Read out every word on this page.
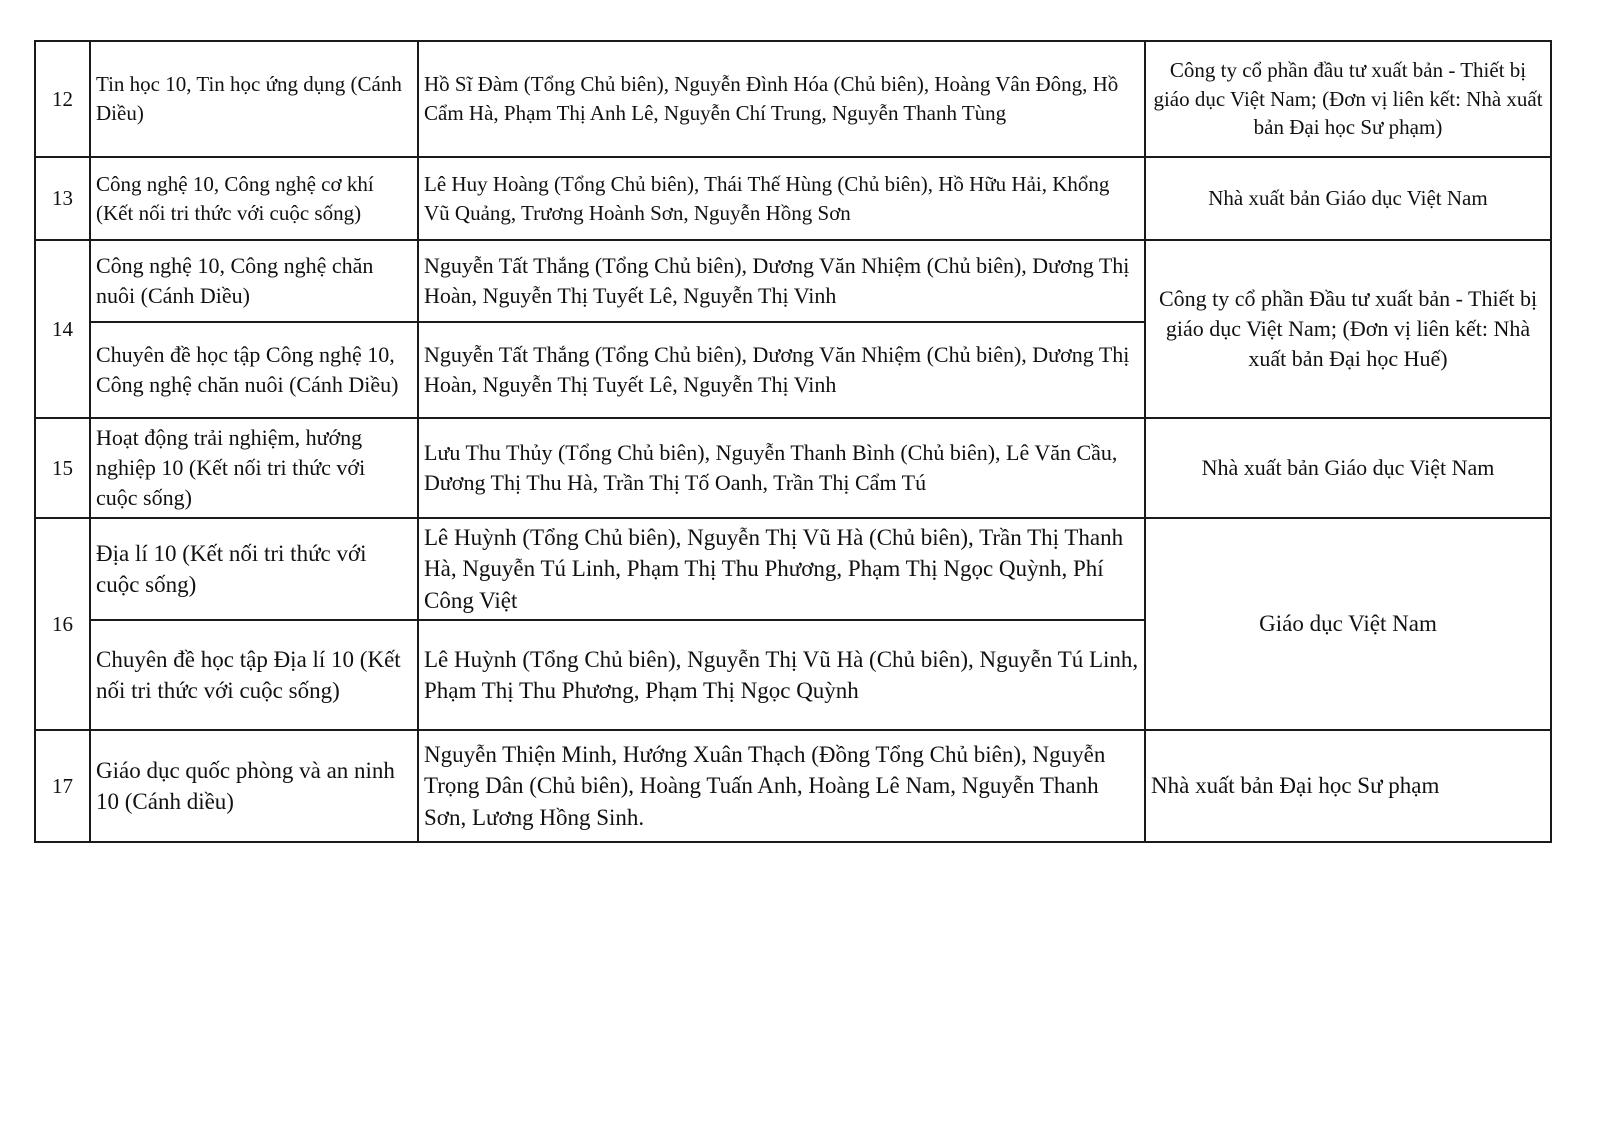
12	Tin học 10, Tin học ứng dụng (Cánh Diều)	Hồ Sĩ Đàm (Tổng Chủ biên), Nguyễn Đình Hóa (Chủ biên), Hoàng Vân Đông, Hồ Cẩm Hà, Phạm Thị Anh Lê, Nguyễn Chí Trung, Nguyễn Thanh Tùng	Công ty cổ phần đầu tư xuất bản - Thiết bị giáo dục Việt Nam; (Đơn vị liên kết: Nhà xuất bản Đại học Sư phạm)
13	Công nghệ 10, Công nghệ cơ khí (Kết nối tri thức với cuộc sống)	Lê Huy Hoàng (Tổng Chủ biên), Thái Thế Hùng (Chủ biên), Hồ Hữu Hải, Khổng Vũ Quảng, Trương Hoành Sơn, Nguyễn Hồng Sơn	Nhà xuất bản Giáo dục Việt Nam
14	Công nghệ 10, Công nghệ chăn nuôi (Cánh Diều)	Nguyễn Tất Thắng (Tổng Chủ biên), Dương Văn Nhiệm (Chủ biên), Dương Thị Hoàn, Nguyễn Thị Tuyết Lê, Nguyễn Thị Vinh	Công ty cổ phần Đầu tư xuất bản - Thiết bị giáo dục Việt Nam; (Đơn vị liên kết: Nhà xuất bản Đại học Huế)
	Chuyên đề học tập Công nghệ 10, Công nghệ chăn nuôi (Cánh Diều)	Nguyễn Tất Thắng (Tổng Chủ biên), Dương Văn Nhiệm (Chủ biên), Dương Thị Hoàn, Nguyễn Thị Tuyết Lê, Nguyễn Thị Vinh	
15	Hoạt động trải nghiệm, hướng nghiệp 10 (Kết nối tri thức với cuộc sống)	Lưu Thu Thủy (Tổng Chủ biên), Nguyễn Thanh Bình (Chủ biên), Lê Văn Cầu, Dương Thị Thu Hà, Trần Thị Tố Oanh, Trần Thị Cẩm Tú	Nhà xuất bản Giáo dục Việt Nam
16	Địa lí 10 (Kết nối tri thức với cuộc sống)	Lê Huỳnh (Tổng Chủ biên), Nguyễn Thị Vũ Hà (Chủ biên), Trần Thị Thanh Hà, Nguyễn Tú Linh, Phạm Thị Thu Phương, Phạm Thị Ngọc Quỳnh, Phí Công Việt	Giáo dục Việt Nam
	Chuyên đề học tập Địa lí 10 (Kết nối tri thức với cuộc sống)	Lê Huỳnh (Tổng Chủ biên), Nguyễn Thị Vũ Hà (Chủ biên), Nguyễn Tú Linh, Phạm Thị Thu Phương, Phạm Thị Ngọc Quỳnh	
17	Giáo dục quốc phòng và an ninh 10 (Cánh diều)	Nguyễn Thiện Minh, Hướng Xuân Thạch (Đồng Tổng Chủ biên), Nguyễn Trọng Dân (Chủ biên), Hoàng Tuấn Anh, Hoàng Lê Nam, Nguyễn Thanh Sơn, Lương Hồng Sinh.	Nhà xuất bản Đại học Sư phạm
